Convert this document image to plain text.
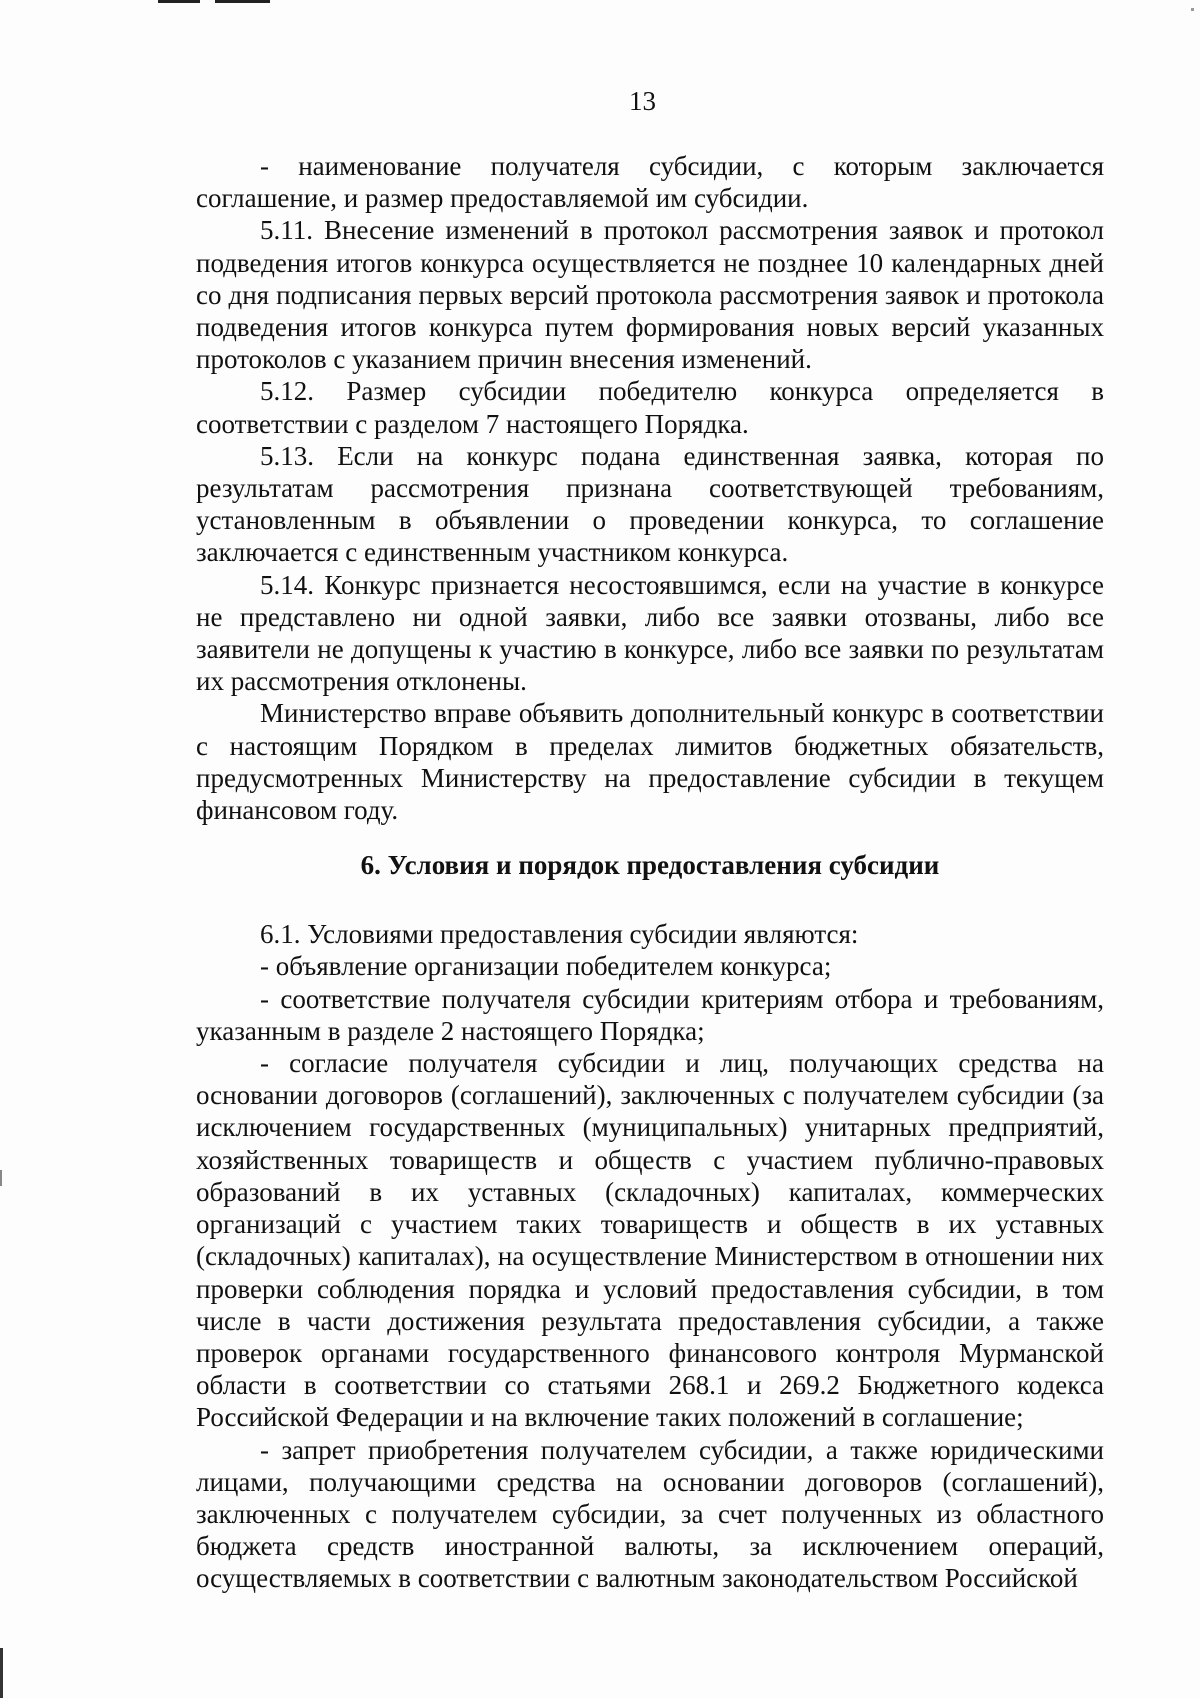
13

- наименование получателя субсидии, с которым заключается соглашение, и размер предоставляемой им субсидии.

5.11. Внесение изменений в протокол рассмотрения заявок и протокол подведения итогов конкурса осуществляется не позднее 10 календарных дней со дня подписания первых версий протокола рассмотрения заявок и протокола подведения итогов конкурса путем формирования новых версий указанных протоколов с указанием причин внесения изменений.

5.12. Размер субсидии победителю конкурса определяется в соответствии с разделом 7 настоящего Порядка.

5.13. Если на конкурс подана единственная заявка, которая по результатам рассмотрения признана соответствующей требованиям, установленным в объявлении о проведении конкурса, то соглашение заключается с единственным участником конкурса.

5.14. Конкурс признается несостоявшимся, если на участие в конкурсе не представлено ни одной заявки, либо все заявки отозваны, либо все заявители не допущены к участию в конкурсе, либо все заявки по результатам их рассмотрения отклонены.

Министерство вправе объявить дополнительный конкурс в соответствии с настоящим Порядком в пределах лимитов бюджетных обязательств, предусмотренных Министерству на предоставление субсидии в текущем финансовом году.

6. Условия и порядок предоставления субсидии

6.1. Условиями предоставления субсидии являются:

- объявление организации победителем конкурса;

- соответствие получателя субсидии критериям отбора и требованиям, указанным в разделе 2 настоящего Порядка;

- согласие получателя субсидии и лиц, получающих средства на основании договоров (соглашений), заключенных с получателем субсидии (за исключением государственных (муниципальных) унитарных предприятий, хозяйственных товариществ и обществ с участием публично-правовых образований в их уставных (складочных) капиталах, коммерческих организаций с участием таких товариществ и обществ в их уставных (складочных) капиталах), на осуществление Министерством в отношении них проверки соблюдения порядка и условий предоставления субсидии, в том числе в части достижения результата предоставления субсидии, а также проверок органами государственного финансового контроля Мурманской области в соответствии со статьями 268.1 и 269.2 Бюджетного кодекса Российской Федерации и на включение таких положений в соглашение;

- запрет приобретения получателем субсидии, а также юридическими лицами, получающими средства на основании договоров (соглашений), заключенных с получателем субсидии, за счет полученных из областного бюджета средств иностранной валюты, за исключением операций, осуществляемых в соответствии с валютным законодательством Российской
